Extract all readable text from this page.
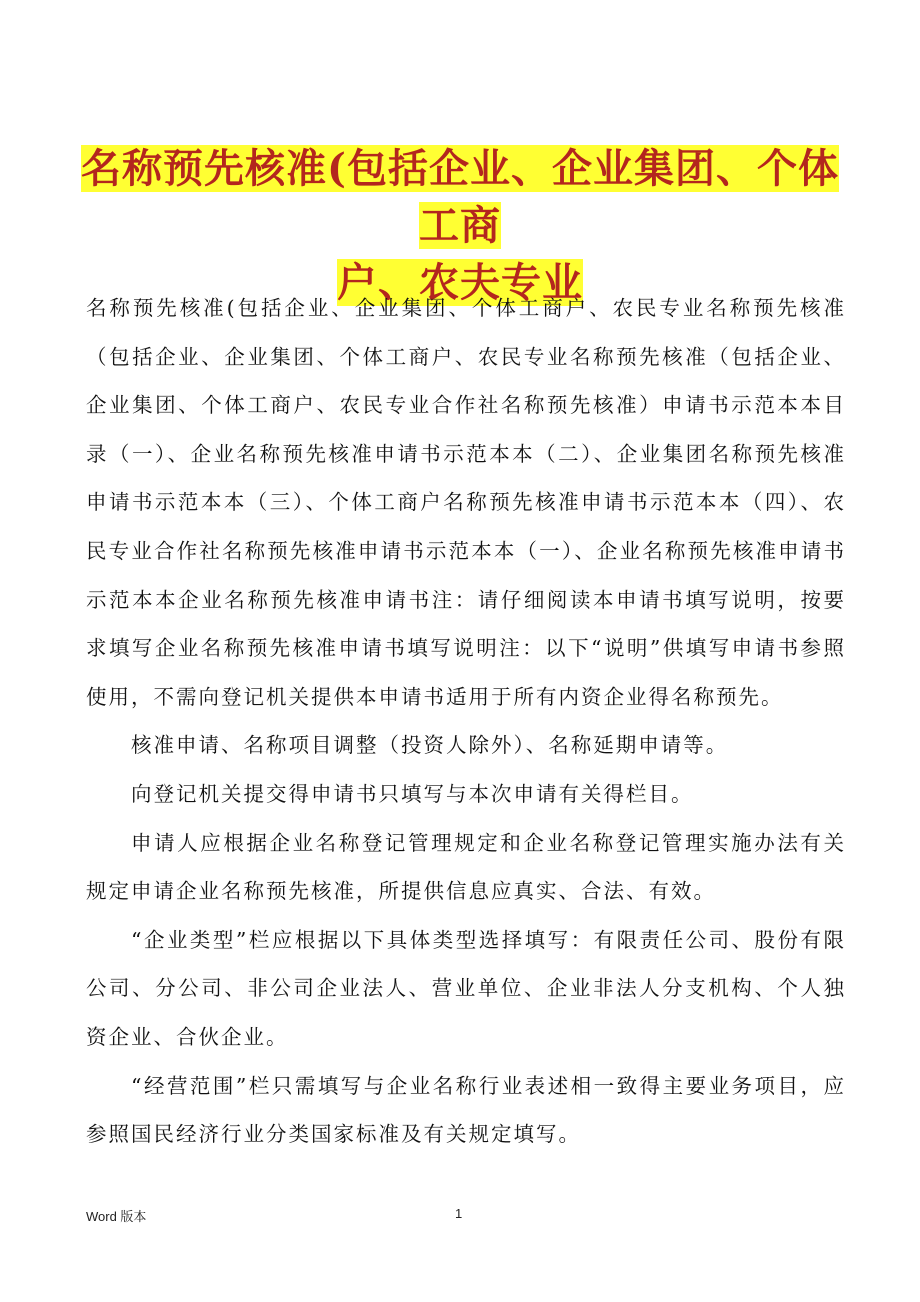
名称预先核准(包括企业、企业集团、个体工商
户、农夫专业

名称预先核准(包括企业、企业集团、个体工商户、农民专业名称预先核准（包括企业、企业集团、个体工商户、农民专业名称预先核准（包括企业、企业集团、个体工商户、农民专业合作社名称预先核准）申请书示范本本目录（一）、企业名称预先核准申请书示范本本（二）、企业集团名称预先核准申请书示范本本（三）、个体工商户名称预先核准申请书示范本本（四）、农民专业合作社名称预先核准申请书示范本本（一）、企业名称预先核准申请书示范本本企业名称预先核准申请书注：请仔细阅读本申请书填写说明，按要求填写企业名称预先核准申请书填写说明注：以下“说明”供填写申请书参照使用，不需向登记机关提供本申请书适用于所有内资企业得名称预先。

核准申请、名称项目调整（投资人除外）、名称延期申请等。

向登记机关提交得申请书只填写与本次申请有关得栏目。

申请人应根据企业名称登记管理规定和企业名称登记管理实施办法有关规定申请企业名称预先核准，所提供信息应真实、合法、有效。

“企业类型”栏应根据以下具体类型选择填写：有限责任公司、股份有限公司、分公司、非公司企业法人、营业单位、企业非法人分支机构、个人独资企业、合伙企业。

“经营范围”栏只需填写与企业名称行业表述相一致得主要业务项目，应参照国民经济行业分类国家标准及有关规定填写。

Word 版本	1
